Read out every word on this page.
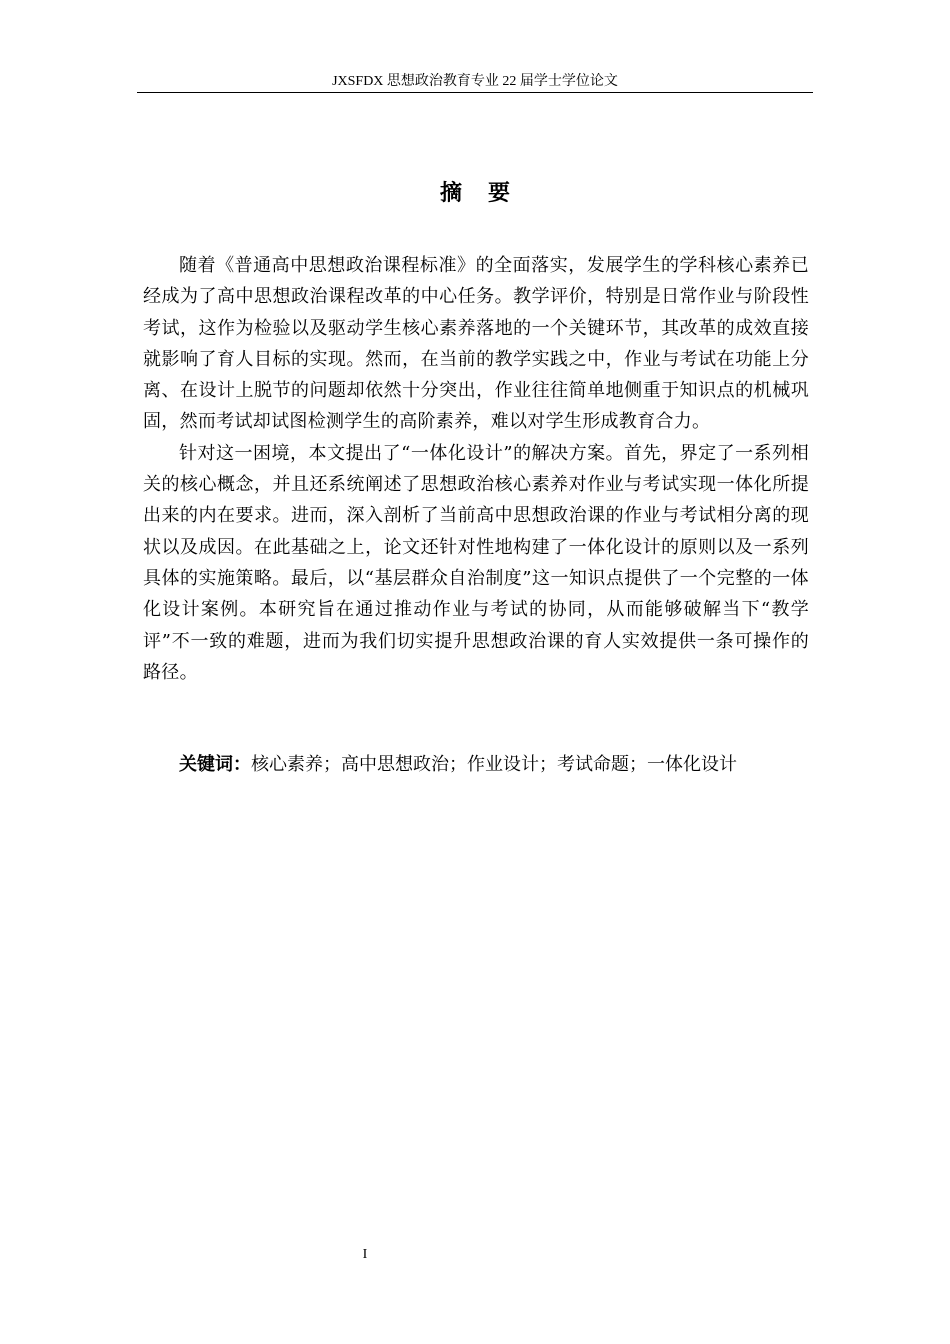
JXSFDX 思想政治教育专业 22 届学士学位论文
摘要

随着《普通高中思想政治课程标准》的全面落实，发展学生的学科核心素养已经成为了高中思想政治课程改革的中心任务。教学评价，特别是日常作业与阶段性考试，这作为检验以及驱动学生核心素养落地的一个关键环节，其改革的成效直接就影响了育人目标的实现。然而，在当前的教学实践之中，作业与考试在功能上分离、在设计上脱节的问题却依然十分突出，作业往往简单地侧重于知识点的机械巩固，然而考试却试图检测学生的高阶素养，难以对学生形成教育合力。

针对这一困境，本文提出了“一体化设计”的解决方案。首先，界定了一系列相关的核心概念，并且还系统阐述了思想政治核心素养对作业与考试实现一体化所提出来的内在要求。进而，深入剖析了当前高中思想政治课的作业与考试相分离的现状以及成因。在此基础之上，论文还针对性地构建了一体化设计的原则以及一系列具体的实施策略。最后，以“基层群众自治制度”这一知识点提供了一个完整的一体化设计案例。本研究旨在通过推动作业与考试的协同，从而能够破解当下“教学评”不一致的难题，进而为我们切实提升思想政治课的育人实效提供一条可操作的路径。

关键词：核心素养；高中思想政治；作业设计；考试命题；一体化设计
I
